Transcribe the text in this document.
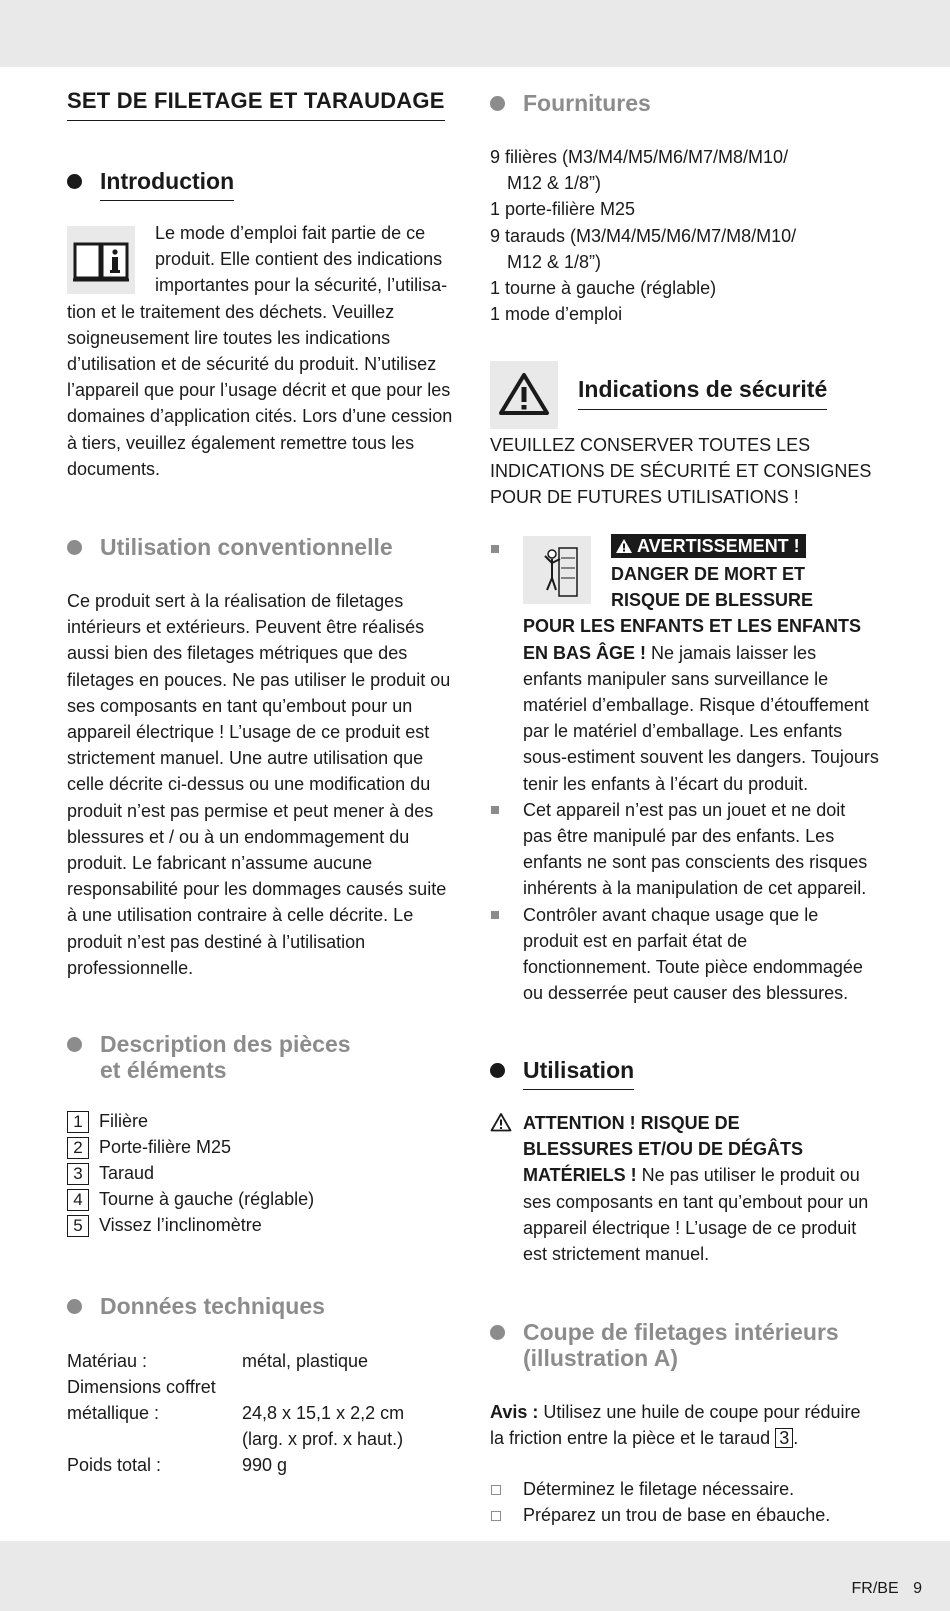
SET DE FILETAGE ET TARAUDAGE
Introduction
Le mode d’emploi fait partie de ce
produit. Elle contient des indications
importantes pour la sécurité, l’utilisa-
tion et le traitement des déchets. Veuillez
soigneusement lire toutes les indications
d’utilisation et de sécurité du produit. N’utilisez
l’appareil que pour l’usage décrit et que pour les
domaines d’application cités. Lors d’une cession
à tiers, veuillez également remettre tous les
documents.
Utilisation conventionnelle
Ce produit sert à la réalisation de filetages
intérieurs et extérieurs. Peuvent être réalisés
aussi bien des filetages métriques que des
filetages en pouces. Ne pas utiliser le produit ou
ses composants en tant qu’embout pour un
appareil électrique ! L’usage de ce produit est
strictement manuel. Une autre utilisation que
celle décrite ci-dessus ou une modification du
produit n’est pas permise et peut mener à des
blessures et / ou à un endommagement du
produit. Le fabricant n’assume aucune
responsabilité pour les dommages causés suite
à une utilisation contraire à celle décrite. Le
produit n’est pas destiné à l’utilisation
professionnelle.
Description des pièces
et éléments
1 Filière
2 Porte-filière M25
3 Taraud
4 Tourne à gauche (réglable)
5 Vissez l’inclinomètre
Données techniques
Matériau :	métal, plastique
Dimensions coffret
métallique :	24,8 x 15,1 x 2,2 cm
(larg. x prof. x haut.)
Poids total :	990 g
Fournitures
9 filières (M3/M4/M5/M6/M7/M8/M10/
M12 & 1/8”)
1 porte-filière M25
9 tarauds (M3/M4/M5/M6/M7/M8/M10/
M12 & 1/8”)
1 tourne à gauche (réglable)
1 mode d’emploi
Indications de sécurité
VEUILLEZ CONSERVER TOUTES LES
INDICATIONS DE SÉCURITÉ ET CONSIGNES
POUR DE FUTURES UTILISATIONS !
AVERTISSEMENT !
DANGER DE MORT ET
RISQUE DE BLESSURE
POUR LES ENFANTS ET LES ENFANTS
EN BAS ÂGE ! Ne jamais laisser les
enfants manipuler sans surveillance le
matériel d’emballage. Risque d’étouffement
par le matériel d’emballage. Les enfants
sous-estiment souvent les dangers. Toujours
tenir les enfants à l’écart du produit.
Cet appareil n’est pas un jouet et ne doit
pas être manipulé par des enfants. Les
enfants ne sont pas conscients des risques
inhérents à la manipulation de cet appareil.
Contrôler avant chaque usage que le
produit est en parfait état de
fonctionnement. Toute pièce endommagée
ou desserrée peut causer des blessures.
Utilisation
ATTENTION ! RISQUE DE
BLESSURES ET/OU DE DÉGÂTS
MATÉRIELS ! Ne pas utiliser le produit ou
ses composants en tant qu’embout pour un
appareil électrique ! L’usage de ce produit
est strictement manuel.
Coupe de filetages intérieurs
(illustration A)
Avis : Utilisez une huile de coupe pour réduire
la friction entre la pièce et le taraud 3 .
Déterminez le filetage nécessaire.
Préparez un trou de base en ébauche.
FR/BE 9
